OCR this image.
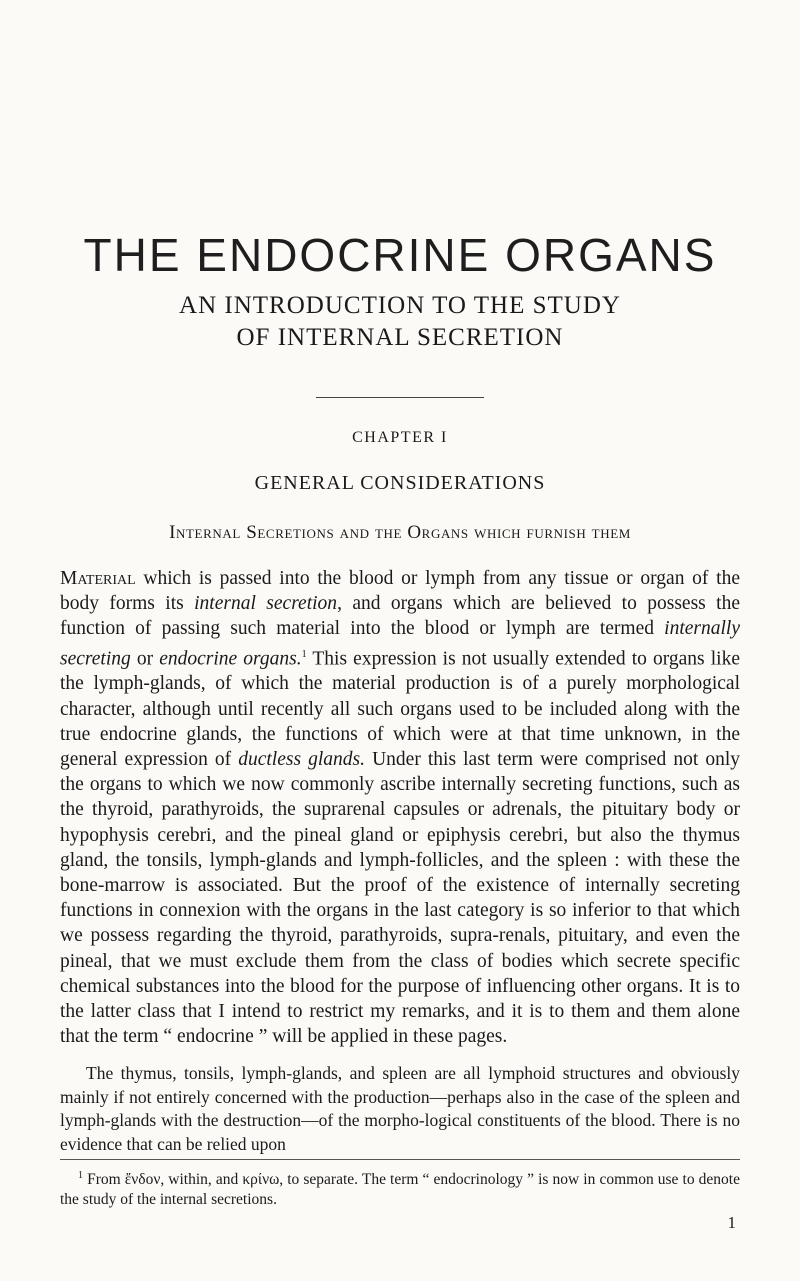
THE ENDOCRINE ORGANS
AN INTRODUCTION TO THE STUDY
OF INTERNAL SECRETION
CHAPTER I
GENERAL CONSIDERATIONS
Internal Secretions and the Organs which furnish them

Material which is passed into the blood or lymph from any tissue or organ of the body forms its internal secretion, and organs which are believed to possess the function of passing such material into the blood or lymph are termed internally secreting or endocrine organs.$^1$ This expression is not usually extended to organs like the lymph-glands, of which the material production is of a purely morphological character, although until recently all such organs used to be included along with the true endocrine glands, the functions of which were at that time unknown, in the general expression of ductless glands. Under this last term were comprised not only the organs to which we now commonly ascribe internally secreting functions, such as the thyroid, parathyroids, the suprarenal capsules or adrenals, the pituitary body or hypophysis cerebri, and the pineal gland or epiphysis cerebri, but also the thymus gland, the tonsils, lymph-glands and lymph-follicles, and the spleen : with these the bone-marrow is associated. But the proof of the existence of internally secreting functions in connexion with the organs in the last category is so inferior to that which we possess regarding the thyroid, parathyroids, supra-renals, pituitary, and even the pineal, that we must exclude them from the class of bodies which secrete specific chemical substances into the blood for the purpose of influencing other organs. It is to the latter class that I intend to restrict my remarks, and it is to them and them alone that the term “ endocrine ” will be applied in these pages.

The thymus, tonsils, lymph-glands, and spleen are all lymphoid structures and obviously mainly if not entirely concerned with the production—perhaps also in the case of the spleen and lymph-glands with the destruction—of the morpho-logical constituents of the blood. There is no evidence that can be relied upon

$^1$ From ἔνδον, within, and κρίνω, to separate. The term “ endocrinology ” is now in common use to denote the study of the internal secretions.

1
